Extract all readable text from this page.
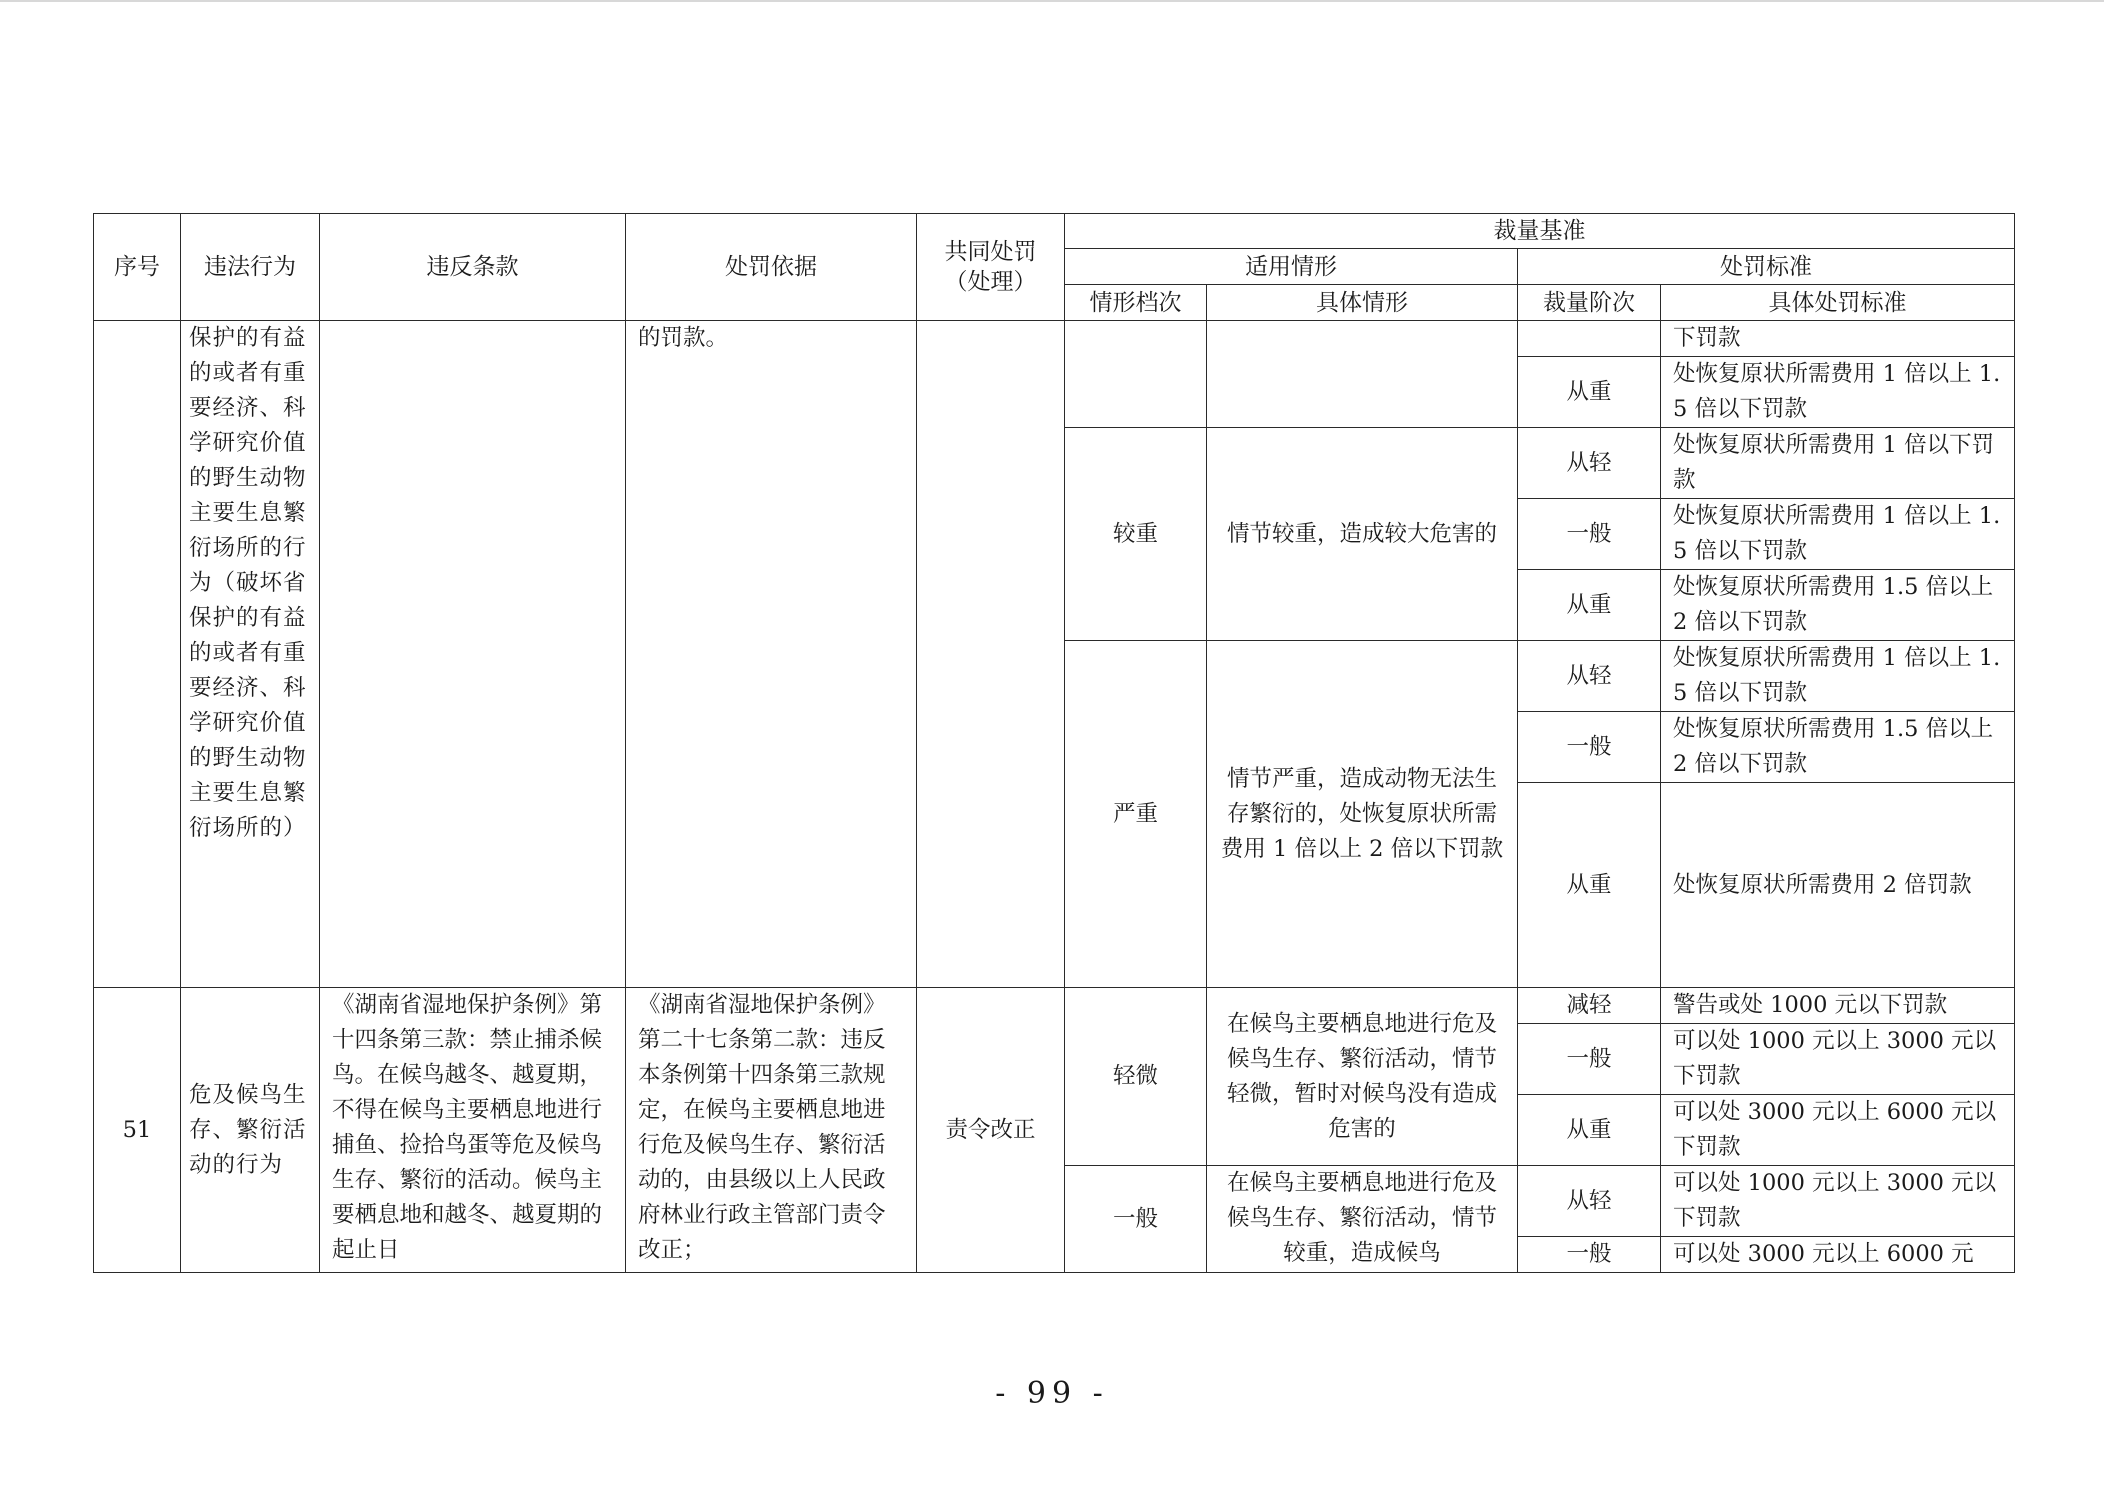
序号	违法行为	违反条款	处罚依据	共同处罚（处理）	裁量基准			
					适用情形		处罚标准	
					情形档次	具体情形	裁量阶次	具体处罚标准

	保护的有益的或者有重要经济、科学研究价值的野生动物主要生息繁衍场所的行为（破坏省保护的有益的或者有重要经济、科学研究价值的野生动物主要生息繁衍场所的）		的罚款。					下罚款

							从重	处恢复原状所需费用 1 倍以上 1.5 倍以下罚款

					较重	情节较重，造成较大危害的	从轻	处恢复原状所需费用 1 倍以下罚款

							一般	处恢复原状所需费用 1 倍以上 1.5 倍以下罚款

							从重	处恢复原状所需费用 1.5 倍以上 2 倍以下罚款

					严重	情节严重，造成动物无法生存繁衍的，处恢复原状所需费用 1 倍以上 2 倍以下罚款	从轻	处恢复原状所需费用 1 倍以上 1.5 倍以下罚款

							一般	处恢复原状所需费用 1.5 倍以上 2 倍以下罚款

							从重	处恢复原状所需费用 2 倍罚款

51	危及候鸟生存、繁衍活动的行为	《湖南省湿地保护条例》第十四条第三款：禁止捕杀候鸟。在候鸟越冬、越夏期，不得在候鸟主要栖息地进行捕鱼、捡拾鸟蛋等危及候鸟生存、繁衍的活动。候鸟主要栖息地和越冬、越夏期的起止日	《湖南省湿地保护条例》第二十七条第二款：违反本条例第十四条第三款规定，在候鸟主要栖息地进行危及候鸟生存、繁衍活动的，由县级以上人民政府林业行政主管部门责令改正；	责令改正	轻微	在候鸟主要栖息地进行危及候鸟生存、繁衍活动，情节轻微，暂时对候鸟没有造成危害的	减轻	警告或处 1000 元以下罚款

							一般	可以处 1000 元以上 3000 元以下罚款

							从重	可以处 3000 元以上 6000 元以下罚款

					一般	在候鸟主要栖息地进行危及候鸟生存、繁衍活动，情节较重，造成候鸟	从轻	可以处 1000 元以上 3000 元以下罚款

							一般	可以处 3000 元以上 6000 元
- 99 -
